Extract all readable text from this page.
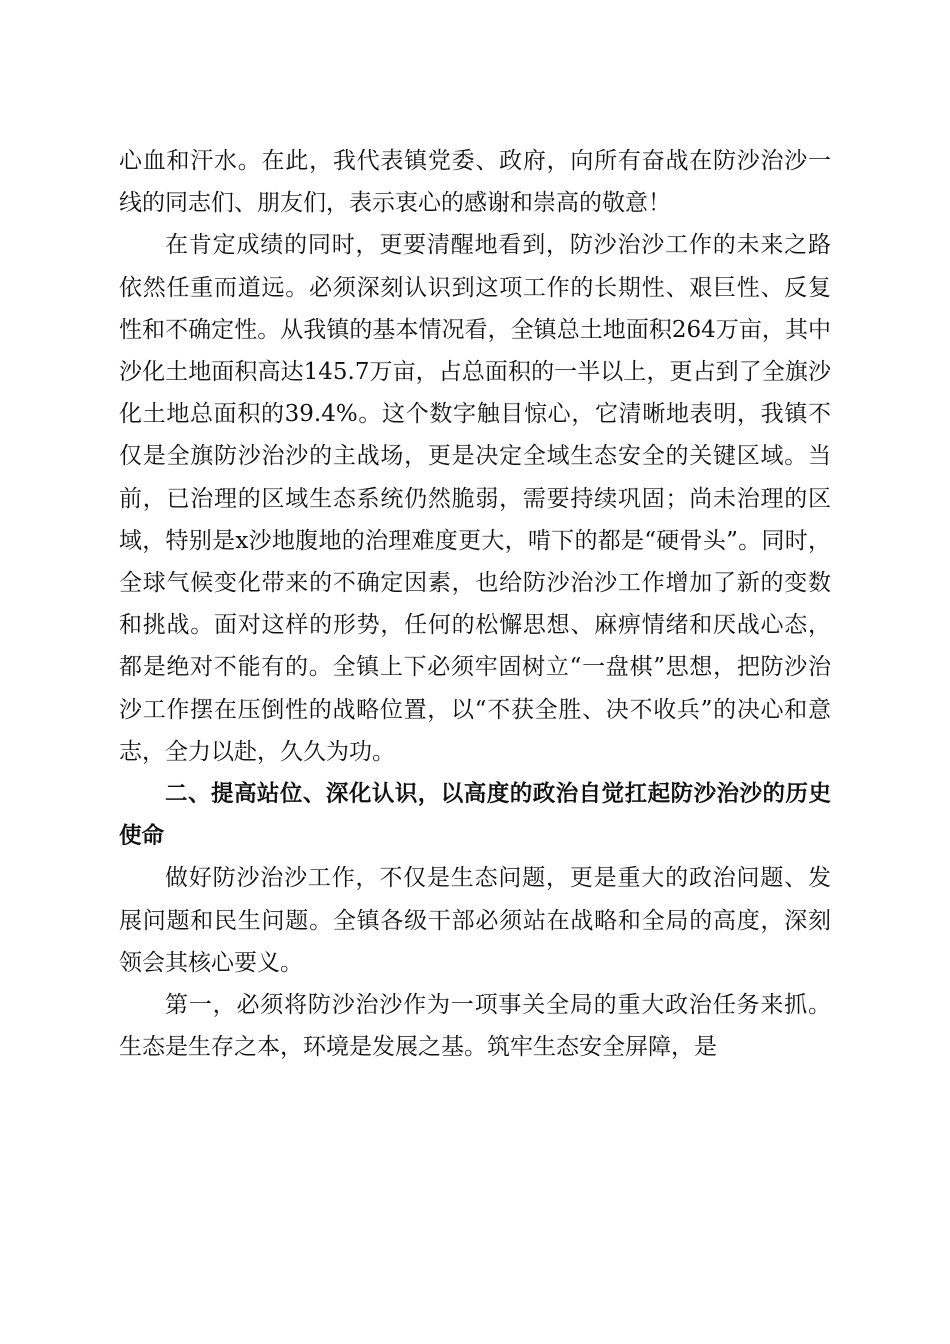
心血和汗水。在此，我代表镇党委、政府，向所有奋战在防沙治沙一线的同志们、朋友们，表示衷心的感谢和崇高的敬意！

在肯定成绩的同时，更要清醒地看到，防沙治沙工作的未来之路依然任重而道远。必须深刻认识到这项工作的长期性、艰巨性、反复性和不确定性。从我镇的基本情况看，全镇总土地面积264万亩，其中沙化土地面积高达145.7万亩，占总面积的一半以上，更占到了全旗沙化土地总面积的39.4%。这个数字触目惊心，它清晰地表明，我镇不仅是全旗防沙治沙的主战场，更是决定全域生态安全的关键区域。当前，已治理的区域生态系统仍然脆弱，需要持续巩固；尚未治理的区域，特别是x沙地腹地的治理难度更大，啃下的都是“硬骨头”。同时，全球气候变化带来的不确定因素，也给防沙治沙工作增加了新的变数和挑战。面对这样的形势，任何的松懈思想、麻痹情绪和厌战心态，都是绝对不能有的。全镇上下必须牢固树立“一盘棋”思想，把防沙治沙工作摆在压倒性的战略位置，以“不获全胜、决不收兵”的决心和意志，全力以赴，久久为功。

二、提高站位、深化认识，以高度的政治自觉扛起防沙治沙的历史使命

做好防沙治沙工作，不仅是生态问题，更是重大的政治问题、发展问题和民生问题。全镇各级干部必须站在战略和全局的高度，深刻领会其核心要义。

第一，必须将防沙治沙作为一项事关全局的重大政治任务来抓。生态是生存之本，环境是发展之基。筑牢生态安全屏障，是
